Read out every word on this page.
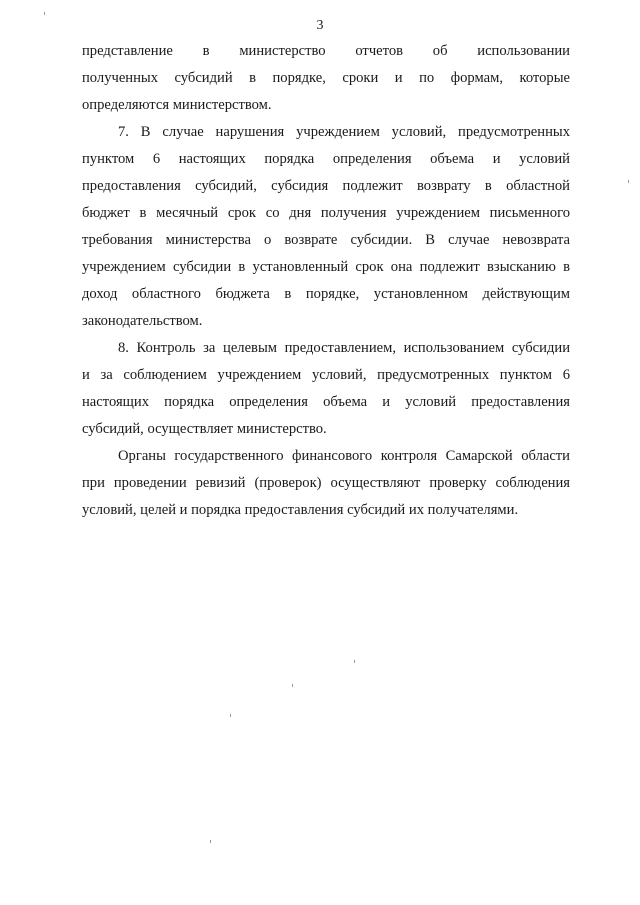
3

представление в министерство отчетов об использовании
полученных субсидий в порядке, сроки и по формам, которые
определяются министерством.

7. В случае нарушения учреждением условий, предусмотренных
пунктом 6 настоящих порядка определения объема и условий
предоставления субсидий, субсидия подлежит возврату в областной
бюджет в месячный срок со дня получения учреждением письменного
требования министерства о возврате субсидии. В случае невозврата
учреждением субсидии в установленный срок она подлежит взысканию в
доход областного бюджета в порядке, установленном действующим
законодательством.

8. Контроль за целевым предоставлением, использованием субсидии
и за соблюдением учреждением условий, предусмотренных пунктом 6
настоящих порядка определения объема и условий предоставления
субсидий, осуществляет министерство.

Органы государственного финансового контроля Самарской области
при проведении ревизий (проверок) осуществляют проверку соблюдения
условий, целей и порядка предоставления субсидий их получателями.
